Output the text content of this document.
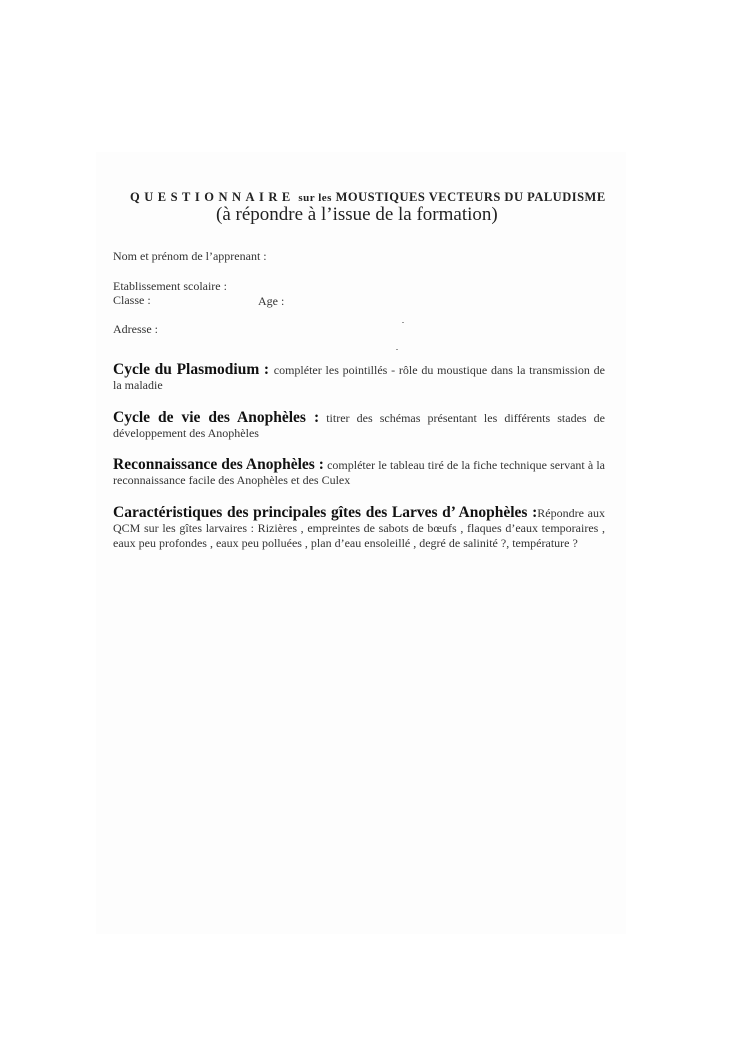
QUESTIONNAIRE sur les MOUSTIQUES VECTEURS DU PALUDISME
(à répondre à l’issue de la formation)
Nom et prénom de l’apprenant :
Etablissement scolaire :
Classe :	Age :
Adresse :
Cycle du Plasmodium : compléter les pointillés - rôle du moustique dans la transmission de la maladie
Cycle de vie des Anophèles : titrer des schémas présentant les différents stades de développement des Anophèles
Reconnaissance des Anophèles : compléter le tableau tiré de la fiche technique servant à la reconnaissance facile des Anophèles et des Culex
Caractéristiques des principales gîtes des Larves d’ Anophèles :Répondre aux QCM sur les gîtes larvaires : Rizières , empreintes de sabots de bœufs , flaques d’eaux temporaires , eaux peu profondes , eaux peu polluées , plan d’eau ensoleillé , degré de salinité ?, température ?
